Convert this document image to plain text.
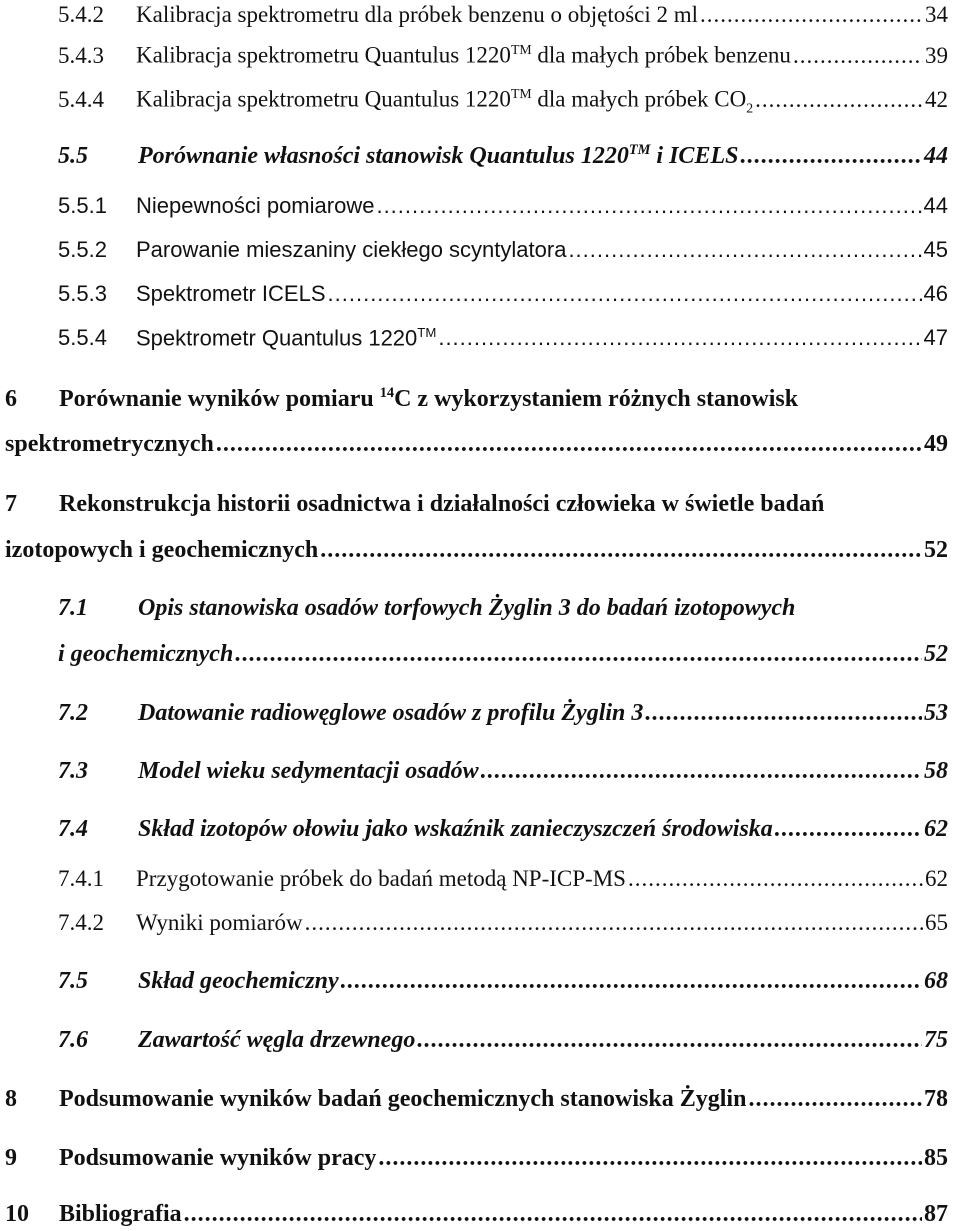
5.4.2	Kalibracja spektrometru dla próbek benzenu o objętości 2 ml .....	34
5.4.3	Kalibracja spektrometru Quantulus 1220™ dla małych próbek benzenu .....	39
5.4.4	Kalibracja spektrometru Quantulus 1220™ dla małych próbek $CO_2$ .....	42
5.5	Porównanie własności stanowisk Quantulus 1220™ i ICELS .....	44
5.5.1	Niepewności pomiarowe .....	44
5.5.2	Parowanie mieszaniny ciekłego scyntylatora .....	45
5.5.3	Spektrometr ICELS .....	46
5.5.4	Spektrometr Quantulus 1220™ .....	47
6 Porównanie wyników pomiaru $^{14}$C z wykorzystaniem różnych stanowisk
spektrometrycznych .....	49
7 Rekonstrukcja historii osadnictwa i działalności człowieka w świetle badań
izotopowych i geochemicznych .....	52
7.1 Opis stanowiska osadów torfowych Żyglin 3 do badań izotopowych
i geochemicznych .....	52
7.2	Datowanie radiowęglowe osadów z profilu Żyglin 3 .....	53
7.3	Model wieku sedymentacji osadów .....	58
7.4	Skład izotopów ołowiu jako wskaźnik zanieczyszczeń środowiska .....	62
7.4.1	Przygotowanie próbek do badań metodą NP-ICP-MS .....	62
7.4.2	Wyniki pomiarów .....	65
7.5	Skład geochemiczny .....	68
7.6	Zawartość węgla drzewnego .....	75
8	Podsumowanie wyników badań geochemicznych stanowiska Żyglin .....	78
9	Podsumowanie wyników pracy .....	85
10	Bibliografia .....	87
